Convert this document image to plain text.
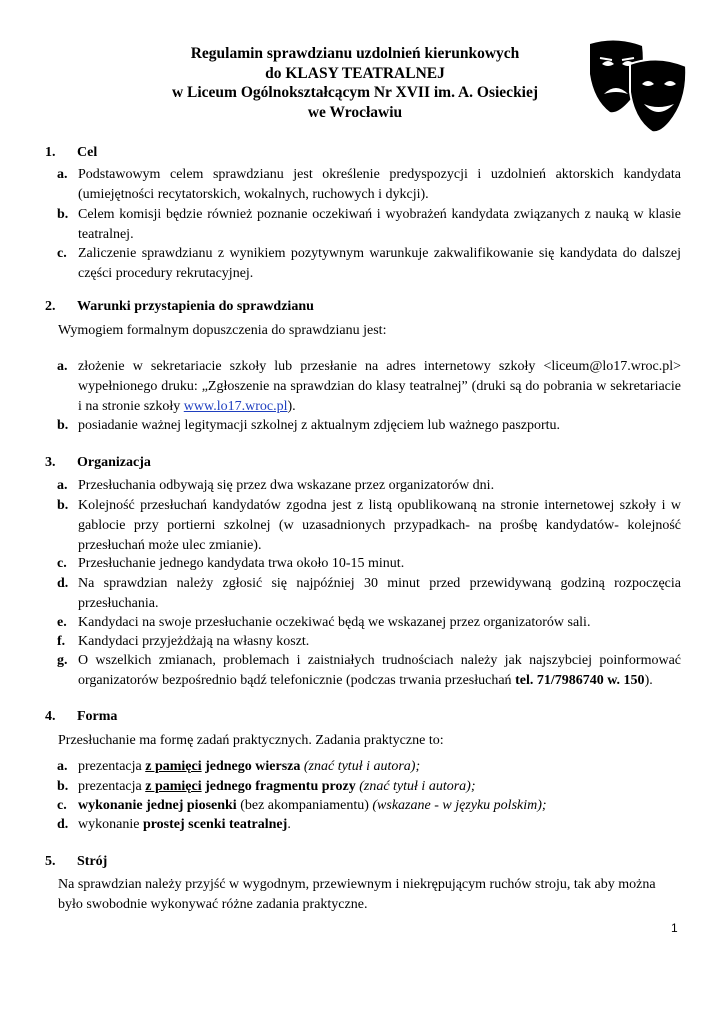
Regulamin sprawdzianu uzdolnień kierunkowych
do KLASY TEATRALNEJ
w Liceum Ogólnokształcącym Nr XVII im. A. Osieckiej
we Wrocławiu
1. Cel
a. Podstawowym celem sprawdzianu jest określenie predyspozycji i uzdolnień aktorskich kandydata (umiejętności recytatorskich, wokalnych, ruchowych i dykcji).
b. Celem komisji będzie również poznanie oczekiwań i wyobrażeń kandydata związanych z nauką w klasie teatralnej.
c. Zaliczenie sprawdzianu z wynikiem pozytywnym warunkuje zakwalifikowanie się kandydata do dalszej części procedury rekrutacyjnej.
2. Warunki przystapienia do sprawdzianu
Wymogiem formalnym dopuszczenia do sprawdzianu jest:
a. złożenie w sekretariacie szkoły lub przesłanie na adres internetowy szkoły <liceum@lo17.wroc.pl> wypełnionego druku: „Zgłoszenie na sprawdzian do klasy teatralnej” (druki są do pobrania w sekretariacie i na stronie szkoły www.lo17.wroc.pl).
b. posiadanie ważnej legitymacji szkolnej z aktualnym zdjęciem lub ważnego paszportu.
3. Organizacja
a. Przesłuchania odbywają się przez dwa wskazane przez organizatorów dni.
b. Kolejność przesłuchań kandydatów zgodna jest z listą opublikowaną na stronie internetowej szkoły i w gablocie przy portierni szkolnej (w uzasadnionych przypadkach- na prośbę kandydatów- kolejność przesłuchań może ulec zmianie).
c. Przesłuchanie jednego kandydata trwa około 10-15 minut.
d. Na sprawdzian należy zgłosić się najpóźniej 30 minut przed przewidywaną godziną rozpoczęcia przesłuchania.
e. Kandydaci na swoje przesłuchanie oczekiwać będą we wskazanej przez organizatorów sali.
f. Kandydaci przyjeżdżają na własny koszt.
g. O wszelkich zmianach, problemach i zaistniałych trudnościach należy jak najszybciej poinformować organizatorów bezpośrednio bądź telefonicznie (podczas trwania przesłuchań tel. 71/7986740 w. 150).
4. Forma
Przesłuchanie ma formę zadań praktycznych. Zadania praktyczne to:
a. prezentacja z pamięci jednego wiersza (znać tytuł i autora);
b. prezentacja z pamięci jednego fragmentu prozy (znać tytuł i autora);
c. wykonanie jednej piosenki (bez akompaniamentu) (wskazane - w języku polskim);
d. wykonanie prostej scenki teatralnej.
5. Strój
Na sprawdzian należy przyjść w wygodnym, przewiewnym i niekrępującym ruchów stroju, tak aby można było swobodnie wykonywać różne zadania praktyczne.
1
